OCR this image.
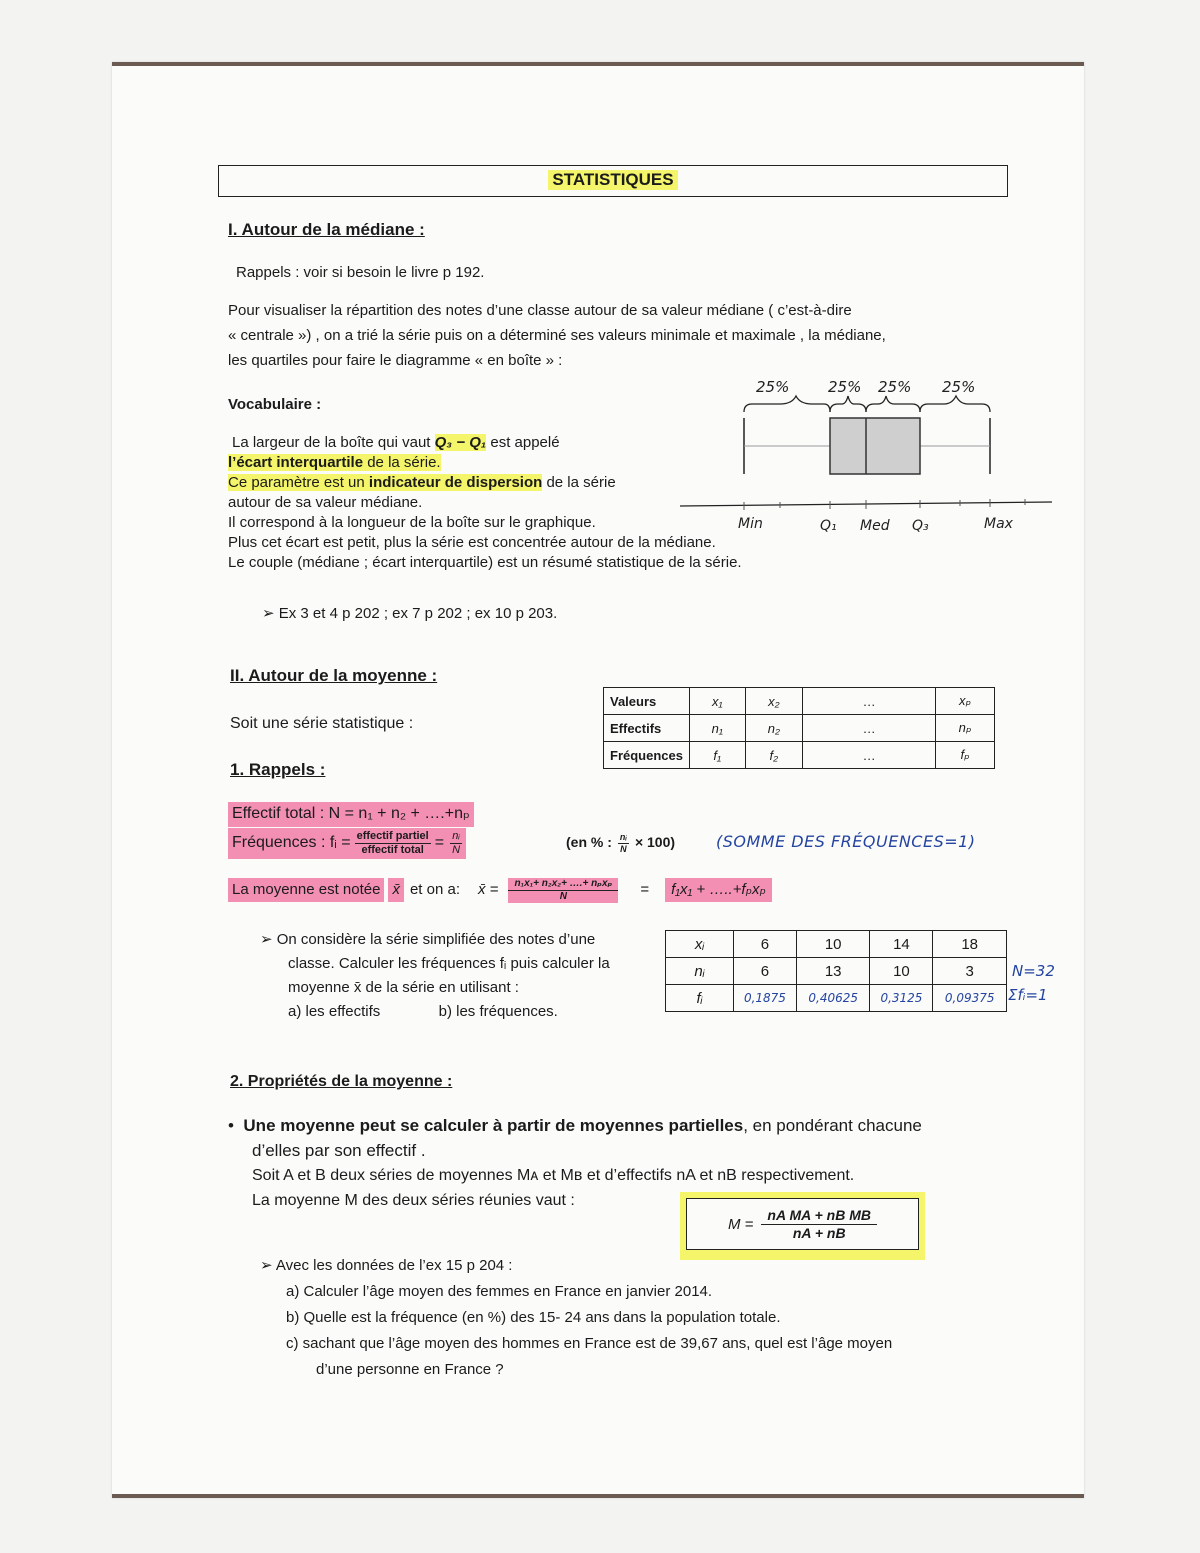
STATISTIQUES
I. Autour de la médiane :
Rappels : voir si besoin le livre p 192.
Pour visualiser la répartition des notes d’une classe autour de sa valeur médiane ( c’est-à-dire
« centrale ») , on a trié la série puis on a déterminé ses valeurs minimale et maximale , la médiane,
les quartiles pour faire le diagramme « en boîte » :
Vocabulaire :
La largeur de la boîte qui vaut Q₃ − Q₁ est appelé
l’écart interquartile de la série.
Ce paramètre est un indicateur de dispersion de la série
autour de sa valeur médiane.
Il correspond à la longueur de la boîte sur le graphique.
Plus cet écart est petit, plus la série est concentrée autour de la médiane.
Le couple (médiane ; écart interquartile) est un résumé statistique de la série.
25%	25% 25% 25%
Min	Q₁ Med Q₃	Max
➢ Ex 3 et 4 p 202 ; ex 7 p 202 ; ex 10 p 203.
II. Autour de la moyenne :
Soit une série statistique :
Valeurs	x₁	x₂	…	xₚ
Effectifs	n₁	n₂	…	nₚ
Fréquences	f₁	f₂	…	fₚ
1. Rappels :
Effectif total : N = n₁ + n₂ + ….+nₚ
Fréquences : fᵢ = $\frac{\text{effectif partiel}}{\text{effectif total}} = \frac{\text{nᵢ}}{N}$	(en % : $\frac{\text{nᵢ}}{N} \times 100$)	(SOMME DES FRÉQUENCES=1)
La moyenne est notée x̄ et on a: x̄ = $\frac{\text{n₁x₁+ n₂x₂+ ….+ nₚxₚ}}{N}$ =	f₁x₁ + …..+fₚxₚ
➢ On considère la série simplifiée des notes d’une
classe. Calculer les fréquences fᵢ puis calculer la
moyenne x̄ de la série en utilisant :
a) les effectifs	b) les fréquences.
xᵢ	6	10	14	18
nᵢ	6	13	10	3
fᵢ	0,1875	0,40625	0,3125	0,09375
N=32
Σfᵢ=1
2. Propriétés de la moyenne :
•  Une moyenne peut se calculer à partir de moyennes partielles, en pondérant chacune
d’elles par son effectif .
Soit A et B deux séries de moyennes Mᴀ et Mʙ et d’effectifs nA et nB respectivement.
La moyenne M des deux séries réunies vaut :
$M = \frac{\text{nA MA + nB MB}}{nA + nB}$
➢ Avec les données de l’ex 15 p 204 :
a) Calculer l’âge moyen des femmes en France en janvier 2014.
b) Quelle est la fréquence (en %) des 15- 24 ans dans la population totale.
c) sachant que l’âge moyen des hommes en France est de 39,67 ans, quel est l’âge moyen
d’une personne en France ?
